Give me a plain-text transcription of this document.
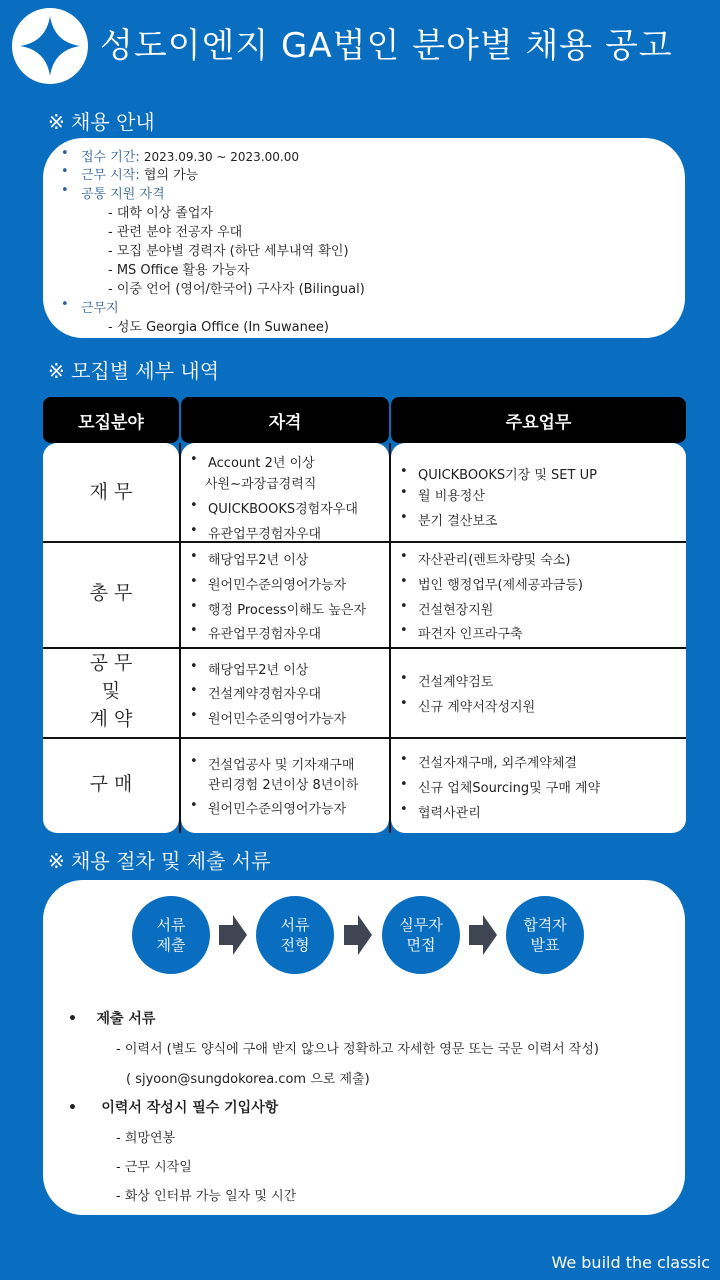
성도이엔지 GA법인 분야별 채용 공고
※ 채용 안내
• 접수 기간: 2023.09.30 ~ 2023.00.00
• 근무 시작: 협의 가능
• 공통 지원 자격
- 대학 이상 졸업자
- 관련 분야 전공자 우대
- 모집 분야별 경력자 (하단 세부내역 확인)
- MS Office 활용 가능자
- 이중 언어 (영어/한국어) 구사자 (Bilingual)
• 근무지
- 성도 Georgia Office (In Suwanee)
※ 모집별 세부 내역
모집분야	자격	주요업무
재 무
• Account 2년 이상
사원~과장급경력직
• QUICKBOOKS경험자우대
• 유관업무경험자우대
• QUICKBOOKS기장 및 SET UP
• 월 비용정산
• 분기 결산보조
총 무
• 해당업무2년 이상
• 원어민수준의영어가능자
• 행정 Process이해도 높은자
• 유관업무경험자우대
• 자산관리(렌트차량및 숙소)
• 법인 행정업무(제세공과금등)
• 건설현장지원
• 파견자 인프라구축
공 무
및
계 약
• 해당업무2년 이상
• 건설계약경험자우대
• 원어민수준의영어가능자
• 건설계약검토
• 신규 계약서작성지원
구 매
• 건설업공사 및 기자재구매
관리경험 2년이상 8년이하
• 원어민수준의영어가능자
• 건설자재구매, 외주계약체결
• 신규 업체Sourcing및 구매 계약
• 협력사관리
※ 채용 절차 및 제출 서류
서류
제출
서류
전형
실무자
면접
합격자
발표
•    제출 서류
- 이력서 (별도 양식에 구애 받지 않으나 정확하고 자세한 영문 또는 국문 이력서 작성)
( sjyoon@sungdokorea.com 으로 제출)
•     이력서 작성시 필수 기입사항
- 희망연봉
- 근무 시작일
- 화상 인터뷰 가능 일자 및 시간
We build the classic
